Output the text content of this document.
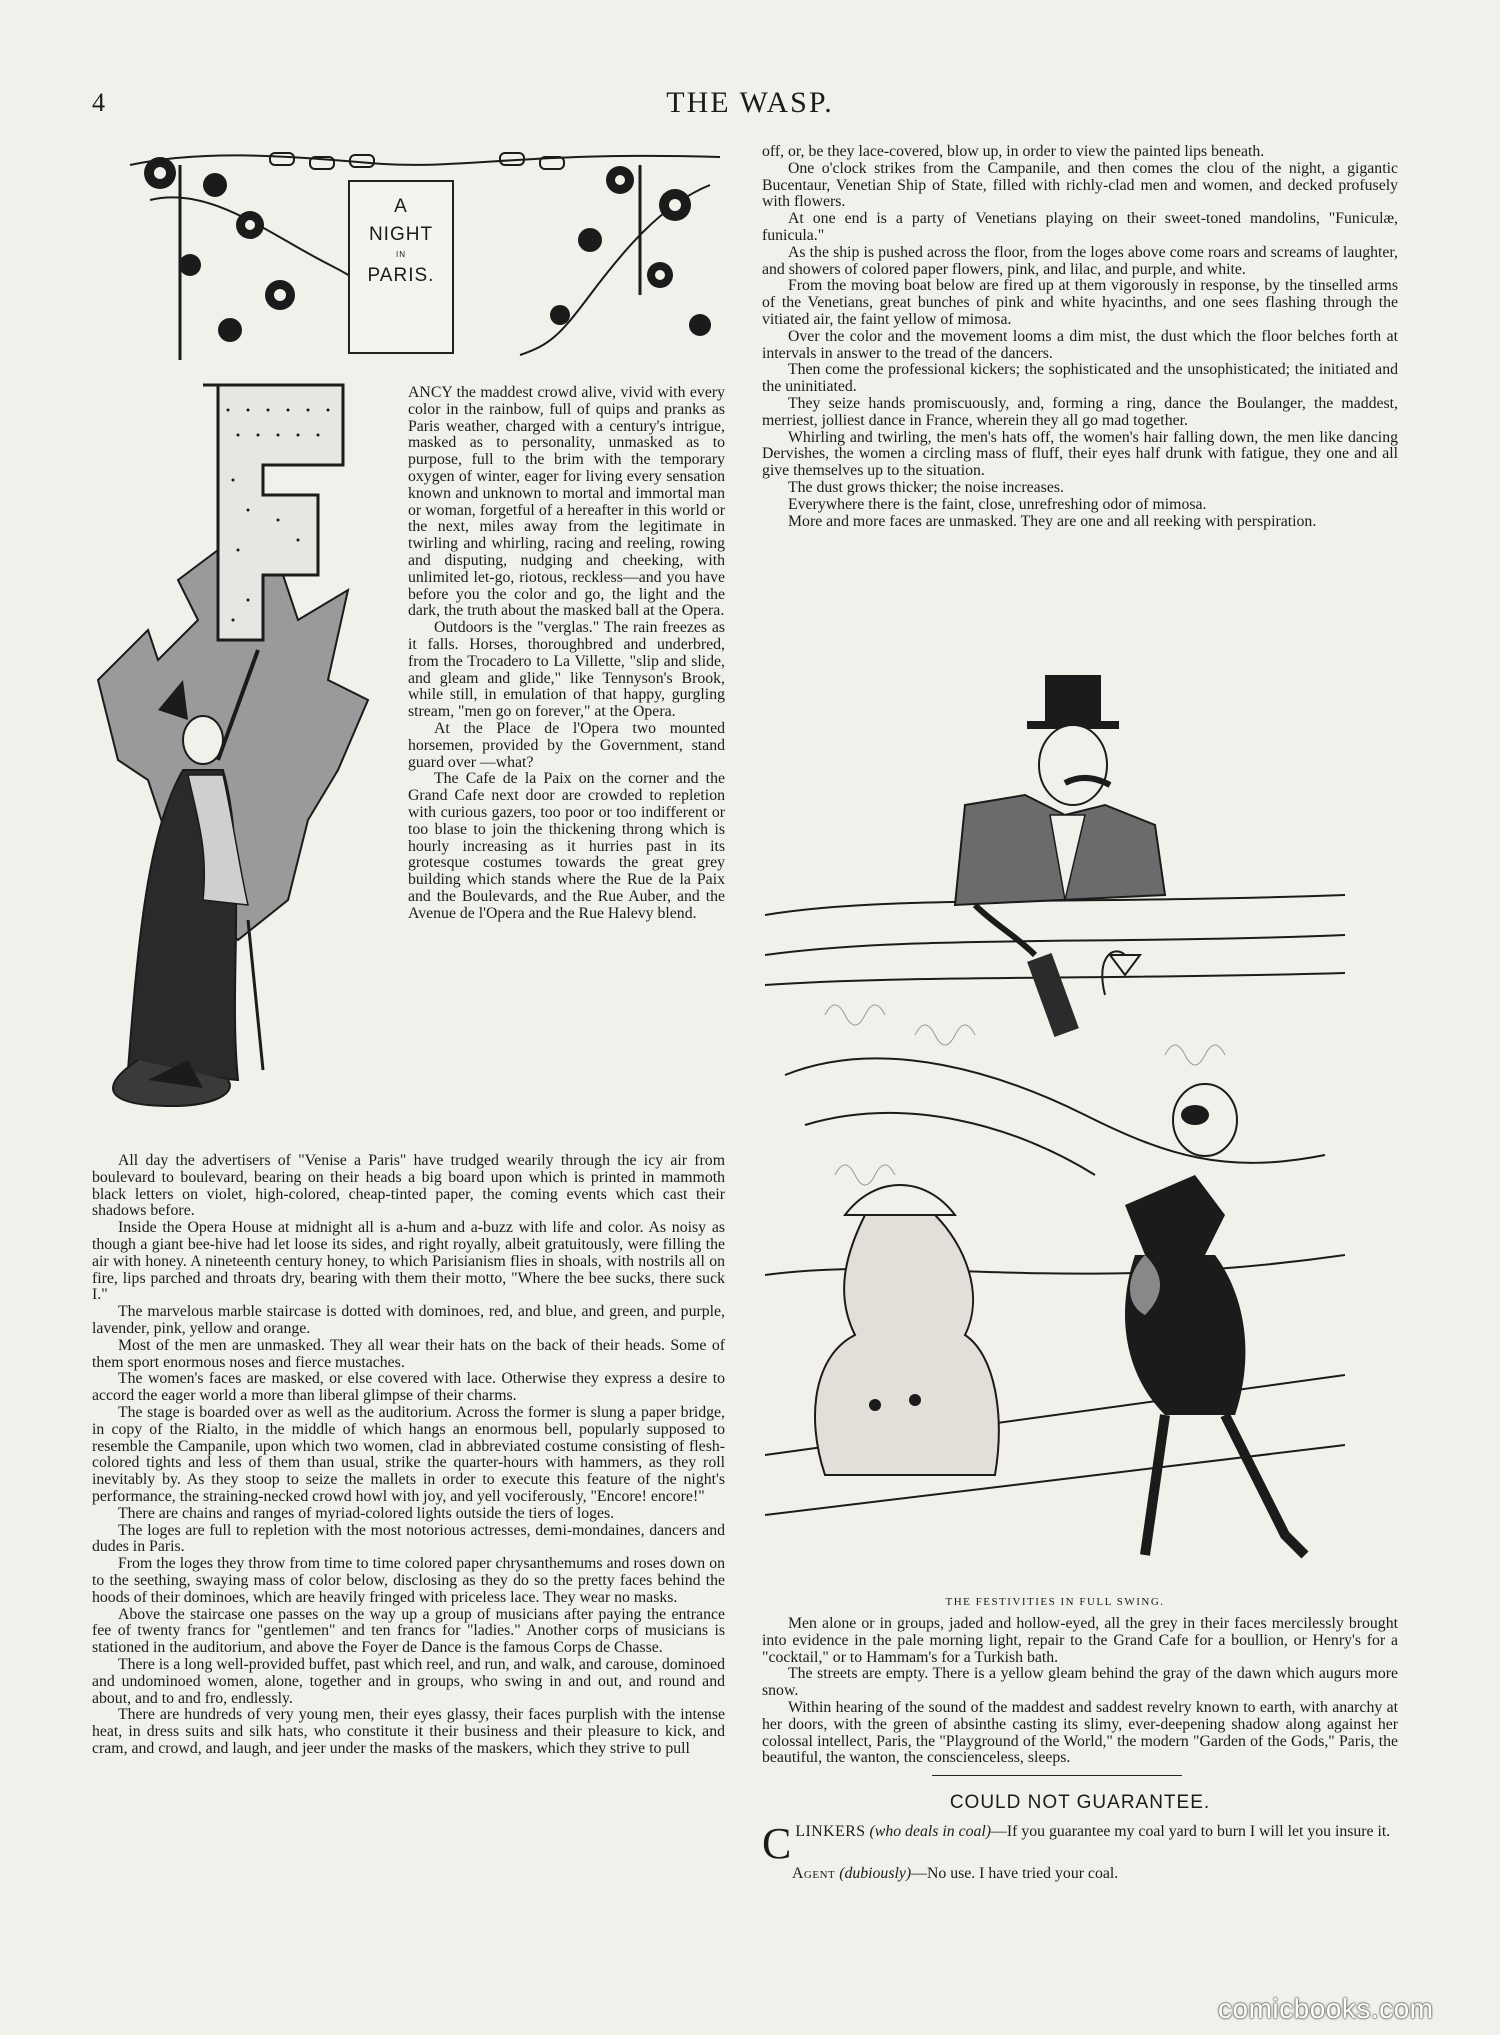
4	THE WASP.
A
NIGHT
IN
PARIS.

ANCY the maddest crowd alive, vivid with every color in the rainbow, full of quips and pranks as Paris weather, charged with a century's intrigue, masked as to personality, unmasked as to purpose, full to the brim with the temporary oxygen of winter, eager for living every sensation known and unknown to mortal and immortal man or woman, forgetful of a hereafter in this world or the next, miles away from the legitimate in twirling and whirling, racing and reeling, rowing and disputing, nudging and cheeking, with unlimited let-go, riotous, reckless—and you have before you the color and go, the light and the dark, the truth about the masked ball at the Opera.

Outdoors is the "verglas." The rain freezes as it falls. Horses, thoroughbred and underbred, from the Trocadero to La Villette, "slip and slide, and gleam and glide," like Tennyson's Brook, while still, in emulation of that happy, gurgling stream, "men go on forever," at the Opera.

At the Place de l'Opera two mounted horsemen, provided by the Government, stand guard over —what?

The Cafe de la Paix on the corner and the Grand Cafe next door are crowded to repletion with curious gazers, too poor or too indifferent or too blase to join the thickening throng which is hourly increasing as it hurries past in its grotesque costumes towards the great grey building which stands where the Rue de la Paix and the Boulevards, and the Rue Auber, and the Avenue de l'Opera and the Rue Halevy blend.

All day the advertisers of "Venise a Paris" have trudged wearily through the icy air from boulevard to boulevard, bearing on their heads a big board upon which is printed in mammoth black letters on violet, high-colored, cheap-tinted paper, the coming events which cast their shadows before.

Inside the Opera House at midnight all is a-hum and a-buzz with life and color. As noisy as though a giant bee-hive had let loose its sides, and right royally, albeit gratuitously, were filling the air with honey. A nineteenth century honey, to which Parisianism flies in shoals, with nostrils all on fire, lips parched and throats dry, bearing with them their motto, "Where the bee sucks, there suck I."

The marvelous marble staircase is dotted with dominoes, red, and blue, and green, and purple, lavender, pink, yellow and orange.

Most of the men are unmasked. They all wear their hats on the back of their heads. Some of them sport enormous noses and fierce mustaches.

The women's faces are masked, or else covered with lace. Otherwise they express a desire to accord the eager world a more than liberal glimpse of their charms.

The stage is boarded over as well as the auditorium. Across the former is slung a paper bridge, in copy of the Rialto, in the middle of which hangs an enormous bell, popularly supposed to resemble the Campanile, upon which two women, clad in abbreviated costume consisting of flesh-colored tights and less of them than usual, strike the quarter-hours with hammers, as they roll inevitably by. As they stoop to seize the mallets in order to execute this feature of the night's performance, the straining-necked crowd howl with joy, and yell vociferously, "Encore! encore!"

There are chains and ranges of myriad-colored lights outside the tiers of loges.

The loges are full to repletion with the most notorious actresses, demi-mondaines, dancers and dudes in Paris.

From the loges they throw from time to time colored paper chrysanthemums and roses down on to the seething, swaying mass of color below, disclosing as they do so the pretty faces behind the hoods of their dominoes, which are heavily fringed with priceless lace. They wear no masks.

Above the staircase one passes on the way up a group of musicians after paying the entrance fee of twenty francs for "gentlemen" and ten francs for "ladies." Another corps of musicians is stationed in the auditorium, and above the Foyer de Dance is the famous Corps de Chasse.

There is a long well-provided buffet, past which reel, and run, and walk, and carouse, dominoed and undominoed women, alone, together and in groups, who swing in and out, and round and about, and to and fro, endlessly.

There are hundreds of very young men, their eyes glassy, their faces purplish with the intense heat, in dress suits and silk hats, who constitute it their business and their pleasure to kick, and cram, and crowd, and laugh, and jeer under the masks of the maskers, which they strive to pull

off, or, be they lace-covered, blow up, in order to view the painted lips beneath.

One o'clock strikes from the Campanile, and then comes the clou of the night, a gigantic Bucentaur, Venetian Ship of State, filled with richly-clad men and women, and decked profusely with flowers.

At one end is a party of Venetians playing on their sweet-toned mandolins, "Funiculæ, funicula."

As the ship is pushed across the floor, from the loges above come roars and screams of laughter, and showers of colored paper flowers, pink, and lilac, and purple, and white.

From the moving boat below are fired up at them vigorously in response, by the tinselled arms of the Venetians, great bunches of pink and white hyacinths, and one sees flashing through the vitiated air, the faint yellow of mimosa.

Over the color and the movement looms a dim mist, the dust which the floor belches forth at intervals in answer to the tread of the dancers.

Then come the professional kickers; the sophisticated and the unsophisticated; the initiated and the uninitiated.

They seize hands promiscuously, and, forming a ring, dance the Boulanger, the maddest, merriest, jolliest dance in France, wherein they all go mad together.

Whirling and twirling, the men's hats off, the women's hair falling down, the men like dancing Dervishes, the women a circling mass of fluff, their eyes half drunk with fatigue, they one and all give themselves up to the situation.

The dust grows thicker; the noise increases.

Everywhere there is the faint, close, unrefreshing odor of mimosa.

More and more faces are unmasked. They are one and all reeking with perspiration.

THE FESTIVITIES IN FULL SWING.

Men alone or in groups, jaded and hollow-eyed, all the grey in their faces mercilessly brought into evidence in the pale morning light, repair to the Grand Cafe for a boullion, or Henry's for a "cocktail," or to Hammam's for a Turkish bath.

The streets are empty. There is a yellow gleam behind the gray of the dawn which augurs more snow.

Within hearing of the sound of the maddest and saddest revelry known to earth, with anarchy at her doors, with the green of absinthe casting its slimy, ever-deepening shadow along against her colossal intellect, Paris, the "Playground of the World," the modern "Garden of the Gods," Paris, the beautiful, the wanton, the conscienceless, sleeps.

COULD NOT GUARANTEE.

C LINKERS (who deals in coal)—If you guarantee my coal yard to burn I will let you insure it.

Agent (dubiously)—No use. I have tried your coal.

comicbooks.com
